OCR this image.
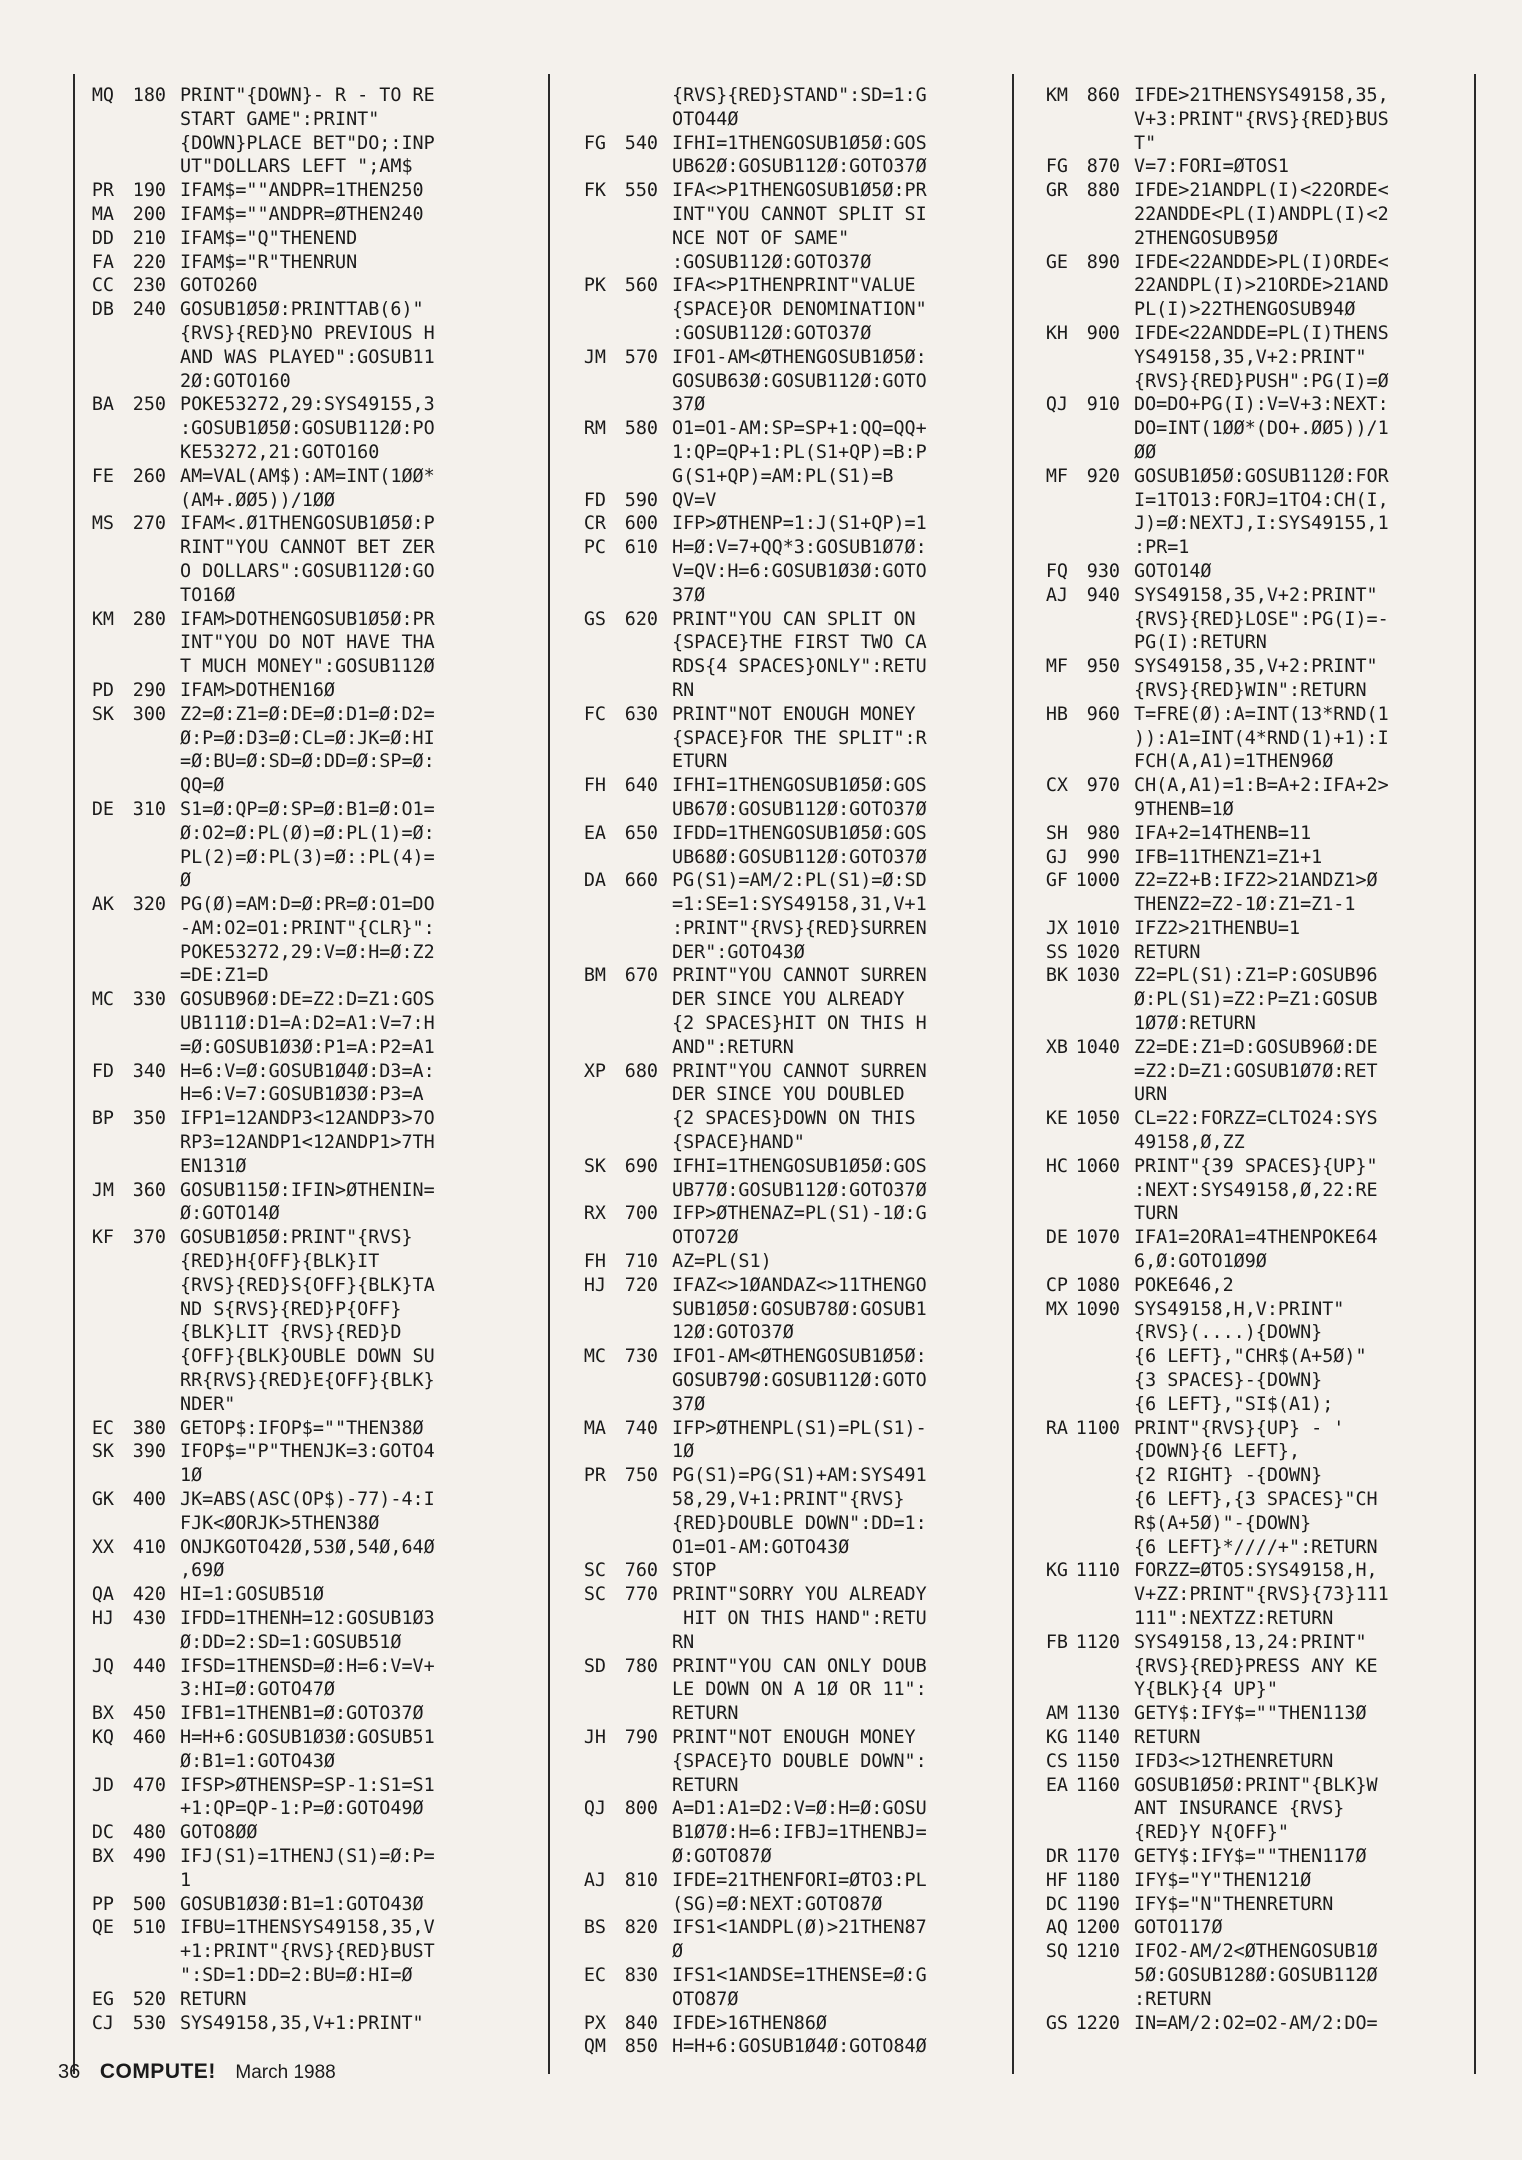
MQ	180 PRINT"{DOWN}- R - TO RE
START GAME":PRINT"
{DOWN}PLACE BET"DO;:INP
UT"DOLLARS LEFT ";AM$
PR	190 IFAM$=""ANDPR=1THEN250
MA	200 IFAM$=""ANDPR=ØTHEN240
DD	210 IFAM$="Q"THENEND
FA	220 IFAM$="R"THENRUN
CC	230 GOTO260
DB	240 GOSUB1Ø5Ø:PRINTTAB(6)"
{RVS}{RED}NO PREVIOUS H
AND WAS PLAYED":GOSUB11
2Ø:GOTO160
BA	250 POKE53272,29:SYS49155,3
:GOSUB1Ø5Ø:GOSUB112Ø:PO
KE53272,21:GOTO160
FE	260 AM=VAL(AM$):AM=INT(1ØØ*
(AM+.ØØ5))/1ØØ
MS	270 IFAM<.Ø1THENGOSUB1Ø5Ø:P
RINT"YOU CANNOT BET ZER
O DOLLARS":GOSUB112Ø:GO
TO16Ø
KM	280 IFAM>DOTHENGOSUB1Ø5Ø:PR
INT"YOU DO NOT HAVE THA
T MUCH MONEY":GOSUB112Ø
PD	290 IFAM>DOTHEN16Ø
SK	300 Z2=Ø:Z1=Ø:DE=Ø:D1=Ø:D2=
Ø:P=Ø:D3=Ø:CL=Ø:JK=Ø:HI
=Ø:BU=Ø:SD=Ø:DD=Ø:SP=Ø:
QQ=Ø
DE	310 S1=Ø:QP=Ø:SP=Ø:B1=Ø:O1=
Ø:O2=Ø:PL(Ø)=Ø:PL(1)=Ø:
PL(2)=Ø:PL(3)=Ø::PL(4)=
Ø
AK	320 PG(Ø)=AM:D=Ø:PR=Ø:O1=DO
-AM:O2=O1:PRINT"{CLR}":
POKE53272,29:V=Ø:H=Ø:Z2
=DE:Z1=D
MC	330 GOSUB96Ø:DE=Z2:D=Z1:GOS
UB111Ø:D1=A:D2=A1:V=7:H
=Ø:GOSUB1Ø3Ø:P1=A:P2=A1
FD	340 H=6:V=Ø:GOSUB1Ø4Ø:D3=A:
H=6:V=7:GOSUB1Ø3Ø:P3=A
BP	350 IFP1=12ANDP3<12ANDP3>7O
RP3=12ANDP1<12ANDP1>7TH
EN131Ø
JM	360 GOSUB115Ø:IFIN>ØTHENIN=
Ø:GOTO14Ø
KF	370 GOSUB1Ø5Ø:PRINT"{RVS}
{RED}H{OFF}{BLK}IT
{RVS}{RED}S{OFF}{BLK}TA
ND S{RVS}{RED}P{OFF}
{BLK}LIT {RVS}{RED}D
{OFF}{BLK}OUBLE DOWN SU
RR{RVS}{RED}E{OFF}{BLK}
NDER"
EC	380 GETOP$:IFOP$=""THEN38Ø
SK	390 IFOP$="P"THENJK=3:GOTO4
1Ø
GK	400 JK=ABS(ASC(OP$)-77)-4:I
FJK<ØORJK>5THEN38Ø
XX	410 ONJKGOTO42Ø,53Ø,54Ø,64Ø
,69Ø
QA	420 HI=1:GOSUB51Ø
HJ	430 IFDD=1THENH=12:GOSUB1Ø3
Ø:DD=2:SD=1:GOSUB51Ø
JQ	440 IFSD=1THENSD=Ø:H=6:V=V+
3:HI=Ø:GOTO47Ø
BX	450 IFB1=1THENB1=Ø:GOTO37Ø
KQ	460 H=H+6:GOSUB1Ø3Ø:GOSUB51
Ø:B1=1:GOTO43Ø
JD	470 IFSP>ØTHENSP=SP-1:S1=S1
+1:QP=QP-1:P=Ø:GOTO49Ø
DC	480 GOTO8ØØ
BX	490 IFJ(S1)=1THENJ(S1)=Ø:P=
1
PP	500 GOSUB1Ø3Ø:B1=1:GOTO43Ø
QE	510 IFBU=1THENSYS49158,35,V
+1:PRINT"{RVS}{RED}BUST
":SD=1:DD=2:BU=Ø:HI=Ø
EG	520 RETURN
CJ	530 SYS49158,35,V+1:PRINT"
{RVS}{RED}STAND":SD=1:G
OTO44Ø
FG	540 IFHI=1THENGOSUB1Ø5Ø:GOS
UB62Ø:GOSUB112Ø:GOTO37Ø
FK	550 IFA<>P1THENGOSUB1Ø5Ø:PR
INT"YOU CANNOT SPLIT SI
NCE NOT OF SAME"
:GOSUB112Ø:GOTO37Ø
PK	560 IFA<>P1THENPRINT"VALUE
{SPACE}OR DENOMINATION"
:GOSUB112Ø:GOTO37Ø
JM	570 IFO1-AM<ØTHENGOSUB1Ø5Ø:
GOSUB63Ø:GOSUB112Ø:GOTO
37Ø
RM	580 O1=O1-AM:SP=SP+1:QQ=QQ+
1:QP=QP+1:PL(S1+QP)=B:P
G(S1+QP)=AM:PL(S1)=B
FD	590 QV=V
CR	600 IFP>ØTHENP=1:J(S1+QP)=1
PC	610 H=Ø:V=7+QQ*3:GOSUB1Ø7Ø:
V=QV:H=6:GOSUB1Ø3Ø:GOTO
37Ø
GS	620 PRINT"YOU CAN SPLIT ON
{SPACE}THE FIRST TWO CA
RDS{4 SPACES}ONLY":RETU
RN
FC	630 PRINT"NOT ENOUGH MONEY
{SPACE}FOR THE SPLIT":R
ETURN
FH	640 IFHI=1THENGOSUB1Ø5Ø:GOS
UB67Ø:GOSUB112Ø:GOTO37Ø
EA	650 IFDD=1THENGOSUB1Ø5Ø:GOS
UB68Ø:GOSUB112Ø:GOTO37Ø
DA	660 PG(S1)=AM/2:PL(S1)=Ø:SD
=1:SE=1:SYS49158,31,V+1
:PRINT"{RVS}{RED}SURREN
DER":GOTO43Ø
BM	670 PRINT"YOU CANNOT SURREN
DER SINCE YOU ALREADY
{2 SPACES}HIT ON THIS H
AND":RETURN
XP	680 PRINT"YOU CANNOT SURREN
DER SINCE YOU DOUBLED
{2 SPACES}DOWN ON THIS
{SPACE}HAND"
SK	690 IFHI=1THENGOSUB1Ø5Ø:GOS
UB77Ø:GOSUB112Ø:GOTO37Ø
RX	700 IFP>ØTHENAZ=PL(S1)-1Ø:G
OTO72Ø
FH	710 AZ=PL(S1)
HJ	720 IFAZ<>1ØANDAZ<>11THENGO
SUB1Ø5Ø:GOSUB78Ø:GOSUB1
12Ø:GOTO37Ø
MC	730 IFO1-AM<ØTHENGOSUB1Ø5Ø:
GOSUB79Ø:GOSUB112Ø:GOTO
37Ø
MA	740 IFP>ØTHENPL(S1)=PL(S1)-
1Ø
PR	750 PG(S1)=PG(S1)+AM:SYS491
58,29,V+1:PRINT"{RVS}
{RED}DOUBLE DOWN":DD=1:
O1=O1-AM:GOTO43Ø
SC	760 STOP
SC	770 PRINT"SORRY YOU ALREADY
HIT ON THIS HAND":RETU
RN
SD	780 PRINT"YOU CAN ONLY DOUB
LE DOWN ON A 1Ø OR 11":
RETURN
JH	790 PRINT"NOT ENOUGH MONEY
{SPACE}TO DOUBLE DOWN":
RETURN
QJ	800 A=D1:A1=D2:V=Ø:H=Ø:GOSU
B1Ø7Ø:H=6:IFBJ=1THENBJ=
Ø:GOTO87Ø
AJ	810 IFDE=21THENFORI=ØTO3:PL
(SG)=Ø:NEXT:GOTO87Ø
BS	820 IFS1<1ANDPL(Ø)>21THEN87
Ø
EC	830 IFS1<1ANDSE=1THENSE=Ø:G
OTO87Ø
PX	840 IFDE>16THEN86Ø
QM	850 H=H+6:GOSUB1Ø4Ø:GOTO84Ø
KM	860 IFDE>21THENSYS49158,35,
V+3:PRINT"{RVS}{RED}BUS
T"
FG	870 V=7:FORI=ØTOS1
GR	880 IFDE>21ANDPL(I)<22ORDE<
22ANDDE<PL(I)ANDPL(I)<2
2THENGOSUB95Ø
GE	890 IFDE<22ANDDE>PL(I)ORDE<
22ANDPL(I)>21ORDE>21AND
PL(I)>22THENGOSUB94Ø
KH	900 IFDE<22ANDDE=PL(I)THENS
YS49158,35,V+2:PRINT"
{RVS}{RED}PUSH":PG(I)=Ø
QJ	910 DO=DO+PG(I):V=V+3:NEXT:
DO=INT(1ØØ*(DO+.ØØ5))/1
ØØ
MF	920 GOSUB1Ø5Ø:GOSUB112Ø:FOR
I=1TO13:FORJ=1TO4:CH(I,
J)=Ø:NEXTJ,I:SYS49155,1
:PR=1
FQ	930 GOTO14Ø
AJ	940 SYS49158,35,V+2:PRINT"
{RVS}{RED}LOSE":PG(I)=-
PG(I):RETURN
MF	950 SYS49158,35,V+2:PRINT"
{RVS}{RED}WIN":RETURN
HB	960 T=FRE(Ø):A=INT(13*RND(1
)):A1=INT(4*RND(1)+1):I
FCH(A,A1)=1THEN96Ø
CX	970 CH(A,A1)=1:B=A+2:IFA+2>
9THENB=1Ø
SH	980 IFA+2=14THENB=11
GJ	990 IFB=11THENZ1=Z1+1
GF 1000 Z2=Z2+B:IFZ2>21ANDZ1>Ø
THENZ2=Z2-1Ø:Z1=Z1-1
JX 1010 IFZ2>21THENBU=1
SS 1020 RETURN
BK 1030 Z2=PL(S1):Z1=P:GOSUB96
Ø:PL(S1)=Z2:P=Z1:GOSUB
1Ø7Ø:RETURN
XB 1040 Z2=DE:Z1=D:GOSUB96Ø:DE
=Z2:D=Z1:GOSUB1Ø7Ø:RET
URN
KE 1050 CL=22:FORZZ=CLTO24:SYS
49158,Ø,ZZ
HC 1060 PRINT"{39 SPACES}{UP}"
:NEXT:SYS49158,Ø,22:RE
TURN
DE 1070 IFA1=2ORA1=4THENPOKE64
6,Ø:GOTO1Ø9Ø
CP 1080 POKE646,2
MX 1090 SYS49158,H,V:PRINT"
{RVS}(....){DOWN}
{6 LEFT},"CHR$(A+5Ø)"
{3 SPACES}-{DOWN}
{6 LEFT},"SI$(A1);
RA 1100 PRINT"{RVS}{UP} - '
{DOWN}{6 LEFT},
{2 RIGHT} -{DOWN}
{6 LEFT},{3 SPACES}"CH
R$(A+5Ø)"-{DOWN}
{6 LEFT}*////+":RETURN
KG 1110 FORZZ=ØTO5:SYS49158,H,
V+ZZ:PRINT"{RVS}{73}111
111":NEXTZZ:RETURN
FB 1120 SYS49158,13,24:PRINT"
{RVS}{RED}PRESS ANY KE
Y{BLK}{4 UP}"
AM 1130 GETY$:IFY$=""THEN113Ø
KG 1140 RETURN
CS 1150 IFD3<>12THENRETURN
EA 1160 GOSUB1Ø5Ø:PRINT"{BLK}W
ANT INSURANCE {RVS}
{RED}Y N{OFF}"
DR 1170 GETY$:IFY$=""THEN117Ø
HF 1180 IFY$="Y"THEN121Ø
DC 1190 IFY$="N"THENRETURN
AQ 1200 GOTO117Ø
SQ 1210 IFO2-AM/2<ØTHENGOSUB1Ø
5Ø:GOSUB128Ø:GOSUB112Ø
:RETURN
GS 1220 IN=AM/2:O2=O2-AM/2:DO=
36 COMPUTE! March 1988
